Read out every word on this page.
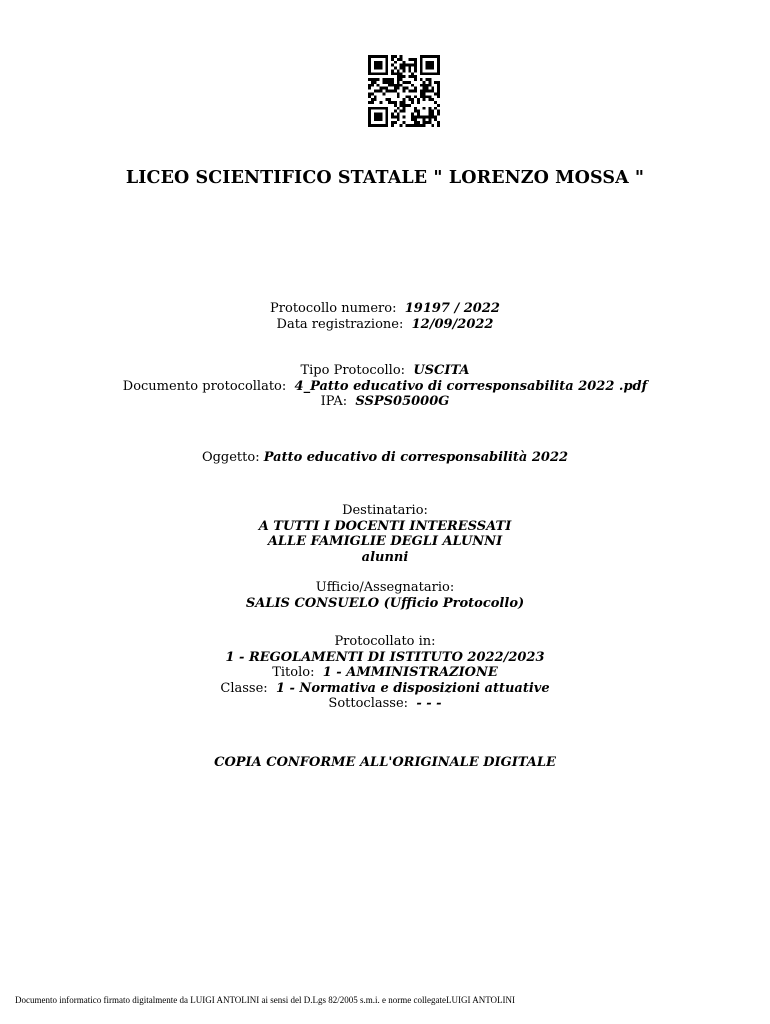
LICEO SCIENTIFICO STATALE " LORENZO MOSSA "
Protocollo numero: 19197 / 2022
Data registrazione: 12/09/2022
Tipo Protocollo: USCITA
Documento protocollato: 4_Patto educativo di corresponsabilita 2022 .pdf
IPA: SSPS05000G
Oggetto: Patto educativo di corresponsabilità 2022
Destinatario:
A TUTTI I DOCENTI INTERESSATI
ALLE FAMIGLIE DEGLI ALUNNI
alunni
Ufficio/Assegnatario:
SALIS CONSUELO (Ufficio Protocollo)
Protocollato in:
1 - REGOLAMENTI DI ISTITUTO 2022/2023
Titolo: 1 - AMMINISTRAZIONE
Classe: 1 - Normativa e disposizioni attuative
Sottoclasse: - - -
COPIA CONFORME ALL'ORIGINALE DIGITALE
Documento informatico firmato digitalmente da LUIGI ANTOLINI ai sensi del D.Lgs 82/2005 s.m.i. e norme collegateLUIGI ANTOLINI
